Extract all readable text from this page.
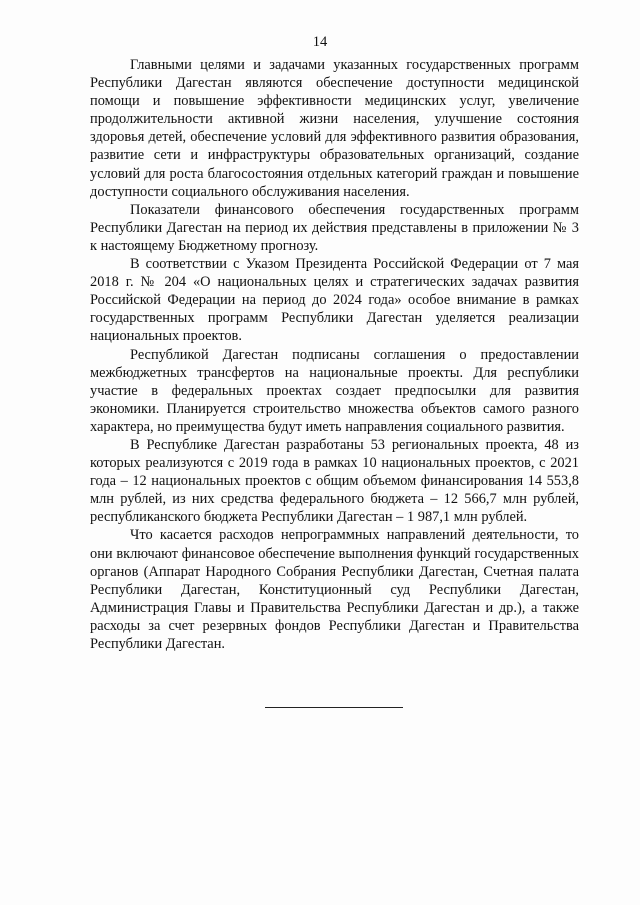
14

Главными целями и задачами указанных государственных программ Республики Дагестан являются обеспечение доступности медицинской помощи и повышение эффективности медицинских услуг, увеличение продолжительности активной жизни населения, улучшение состояния здоровья детей, обеспечение условий для эффективного развития образования, развитие сети и инфраструктуры образовательных организаций, создание условий для роста благосостояния отдельных категорий граждан и повышение доступности социального обслуживания населения.

Показатели финансового обеспечения государственных программ Республики Дагестан на период их действия представлены в приложении № 3 к настоящему Бюджетному прогнозу.

В соответствии с Указом Президента Российской Федерации от 7 мая 2018 г. № 204 «О национальных целях и стратегических задачах развития Российской Федерации на период до 2024 года» особое внимание в рамках государственных программ Республики Дагестан уделяется реализации национальных проектов.

Республикой Дагестан подписаны соглашения о предоставлении межбюджетных трансфертов на национальные проекты. Для республики участие в федеральных проектах создает предпосылки для развития экономики. Планируется строительство множества объектов самого разного характера, но преимущества будут иметь направления социального развития.

В Республике Дагестан разработаны 53 региональных проекта, 48 из которых реализуются с 2019 года в рамках 10 национальных проектов, с 2021 года – 12 национальных проектов с общим объемом финансирования 14 553,8 млн рублей, из них средства федерального бюджета – 12 566,7 млн рублей, республиканского бюджета Республики Дагестан – 1 987,1 млн рублей.

Что касается расходов непрограммных направлений деятельности, то они включают финансовое обеспечение выполнения функций государственных органов (Аппарат Народного Собрания Республики Дагестан, Счетная палата Республики Дагестан, Конституционный суд Республики Дагестан, Администрация Главы и Правительства Республики Дагестан и др.), а также расходы за счет резервных фондов Республики Дагестан и Правительства Республики Дагестан.
